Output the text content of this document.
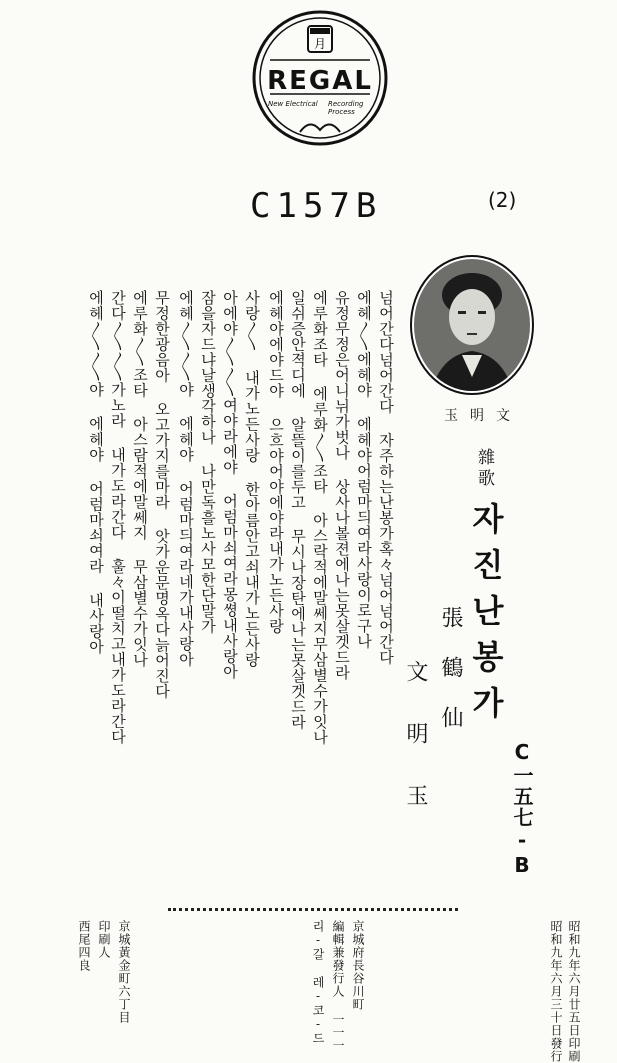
月
REGAL
New Electrical Recording Process
C157B	(2)
玉 明 文
雜歌
자진난봉가
張鶴仙
文明玉	C一五七-B
넘어간다넘어간다 자주하는난봉가혹々넘어넘어간다
에헤〳〵에헤야 에헤야어럼마듸여라사랑이로구나
유정무정은어니뉘가벗나 상사나볼젼에나는못살겟드라
에루화조타 에루화〳〵조타 아스락적에말쎄지무삼별수가잇나
일쉬증안젹디에 알뜰이를두고 무시나장탄에나는못살겟드라
에헤야에야드야 으흐야어야에야라내가노든사랑
사랑〳〵 내가노든사랑 한아름안고쇠내가노든사랑
아에야〳〵〳〵여야라에야 어럼마쇠여라몽쎵내사랑아
잠을자드냐날생각하나 나만독흘노사모한단말가
에헤〳〵〳〵야 에헤야 어럼마듸여라네가내사랑아
무정한광음아 오고가지를마라 앗가운문명옥다늙어진다
에루화〳〵조타 아스람적에말쎄지 무삼별수가잇나
간다〳〵〳〵가노라 내가도라간다 훌々이떨치고내가도라간다
에헤〳〵〳〵야 에헤야 어럼마쇠여라 내사랑아
昭和九年六月廿五日印刷
昭和九年六月三十日發行
京城府長谷川町
編輯兼發行人 一一一
리-갈 레-코-드
京城黃金町六丁目
印刷人
西尾四良
